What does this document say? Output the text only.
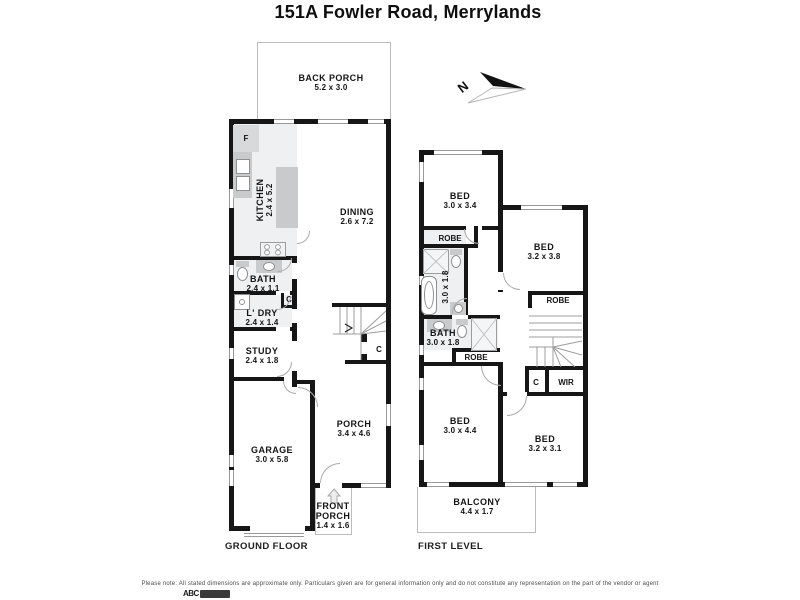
151A Fowler Road, Merrylands
BACK PORCH
5.2 x 3.0
F
C
C
KITCHEN 2.4 x 5.2	DINING
2.6 x 7.2
BATH
2.4 x 1.1
L' DRY
2.4 x 1.4
STUDY
2.4 x 1.8
GARAGE
3.0 x 5.8
PORCH
3.4 x 4.6
FRONT PORCH
1.4 x 1.6
N
BALCONY
4.4 x 1.7
3.0 x 1.8
ROBE
ROBE
ROBE
C	WIR
BED
3.0 x 3.4
BED
3.2 x 3.8
BATH
3.0 x 1.8
BED
3.0 x 4.4
BED
3.2 x 3.1
GROUND FLOOR	FIRST LEVEL
Please note: All stated dimensions are approximate only. Particulars given are for general information only and do not constitute any representation on the part of the vendor or agent
ABC
